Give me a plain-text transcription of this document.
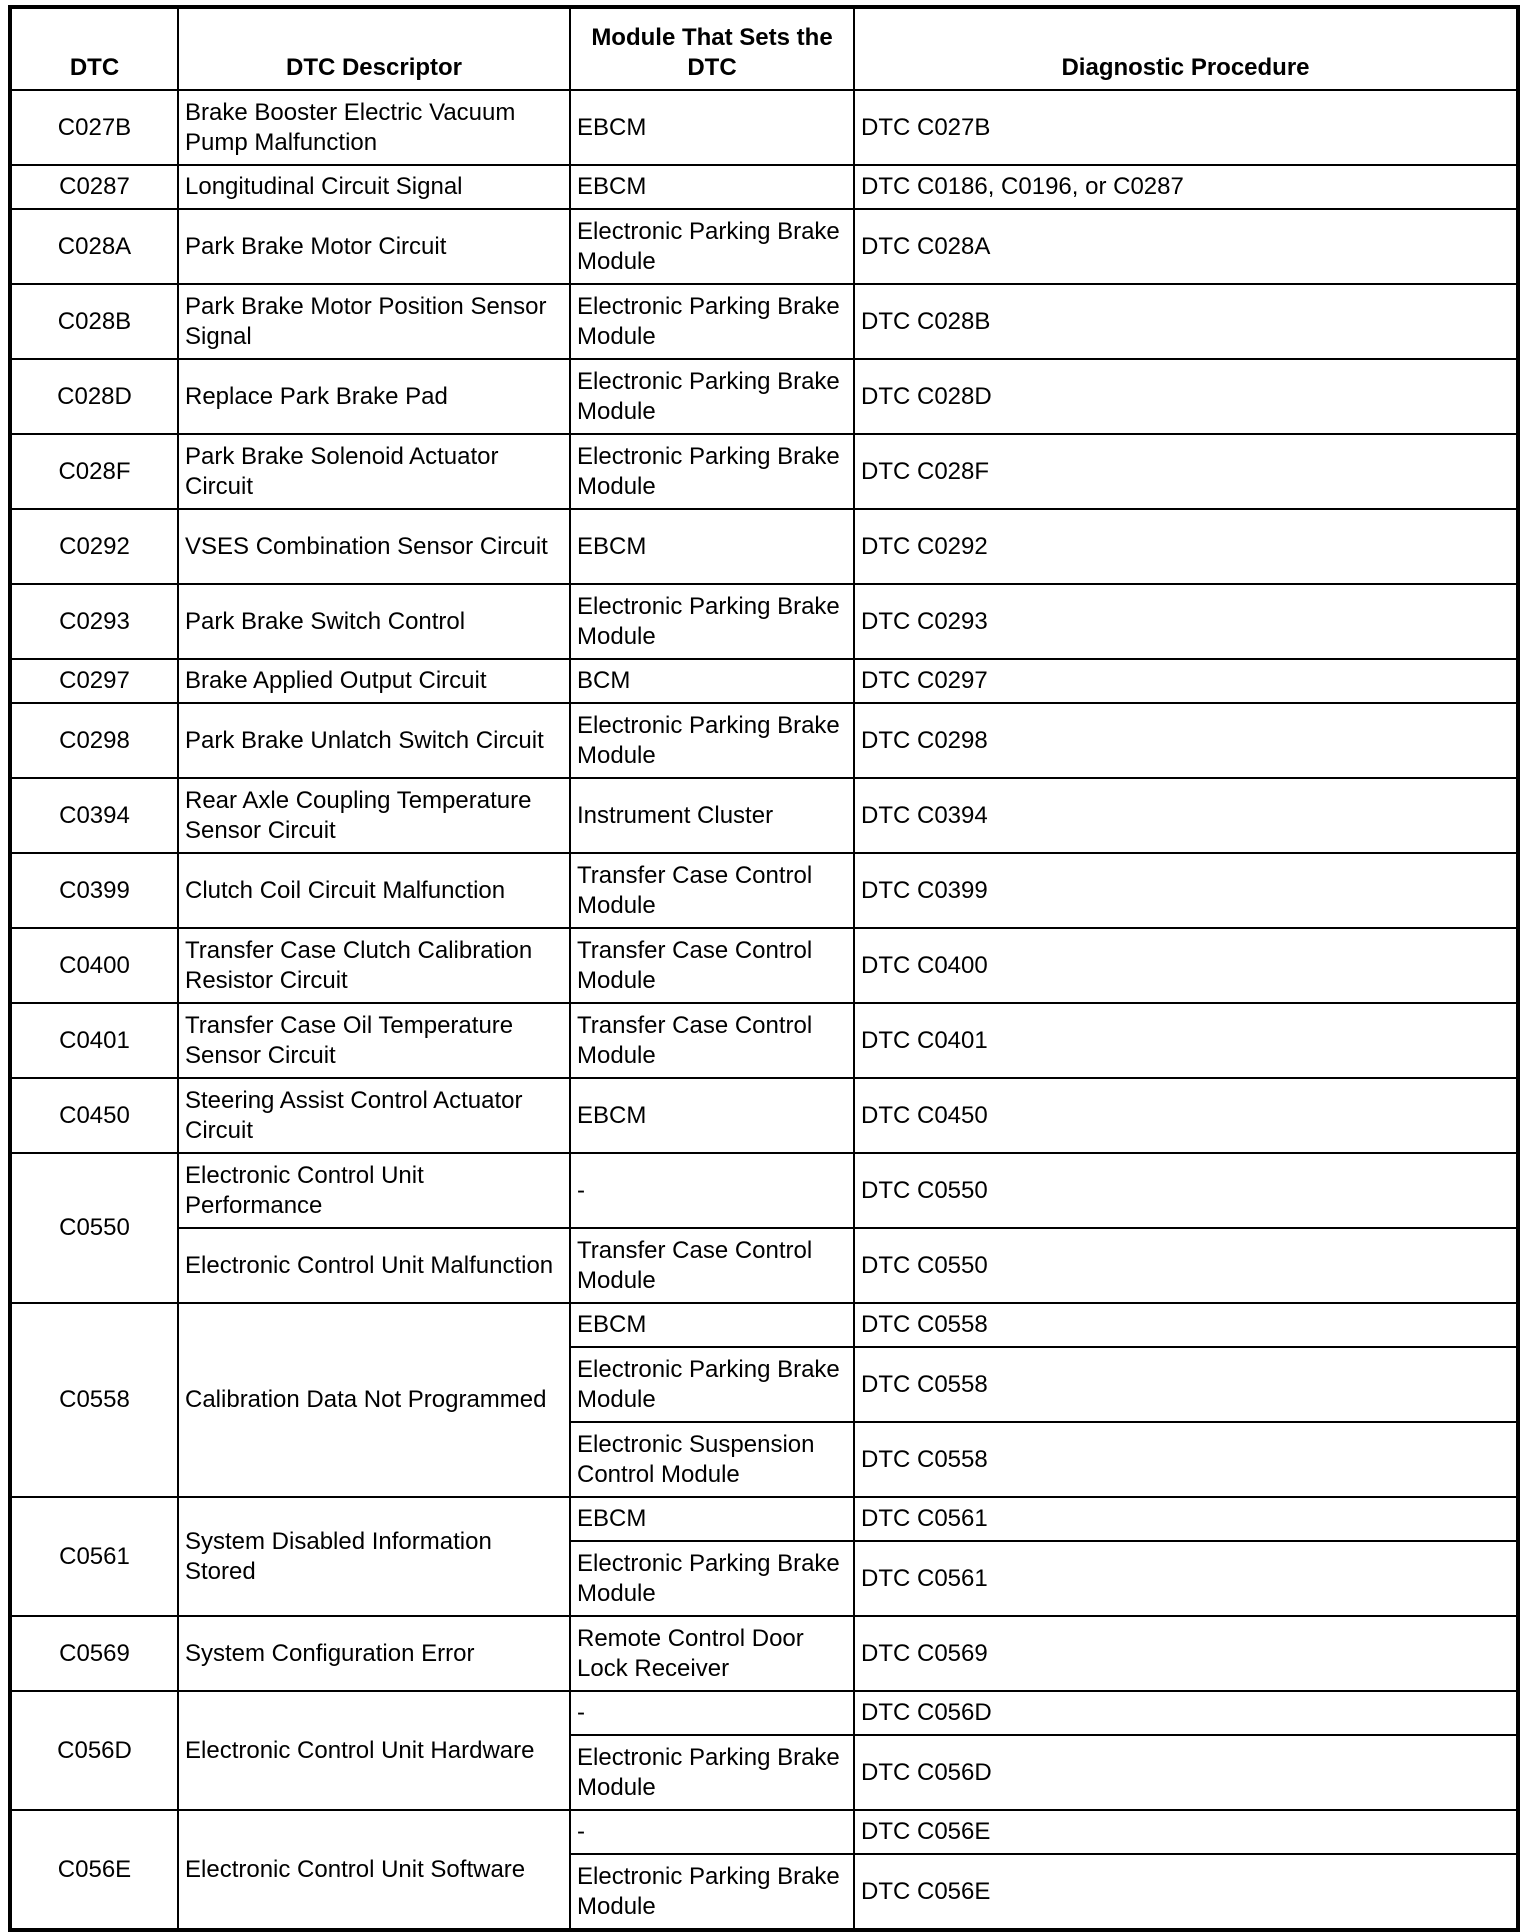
DTC	DTC Descriptor	Module That Sets the DTC	Diagnostic Procedure
C027B	Brake Booster Electric Vacuum Pump Malfunction	EBCM	DTC C027B
C0287	Longitudinal Circuit Signal	EBCM	DTC C0186, C0196, or C0287
C028A	Park Brake Motor Circuit	Electronic Parking Brake Module	DTC C028A
C028B	Park Brake Motor Position Sensor Signal	Electronic Parking Brake Module	DTC C028B
C028D	Replace Park Brake Pad	Electronic Parking Brake Module	DTC C028D
C028F	Park Brake Solenoid Actuator Circuit	Electronic Parking Brake Module	DTC C028F
C0292	VSES Combination Sensor Circuit	EBCM	DTC C0292
C0293	Park Brake Switch Control	Electronic Parking Brake Module	DTC C0293
C0297	Brake Applied Output Circuit	BCM	DTC C0297
C0298	Park Brake Unlatch Switch Circuit	Electronic Parking Brake Module	DTC C0298
C0394	Rear Axle Coupling Temperature Sensor Circuit	Instrument Cluster	DTC C0394
C0399	Clutch Coil Circuit Malfunction	Transfer Case Control Module	DTC C0399
C0400	Transfer Case Clutch Calibration Resistor Circuit	Transfer Case Control Module	DTC C0400
C0401	Transfer Case Oil Temperature Sensor Circuit	Transfer Case Control Module	DTC C0401
C0450	Steering Assist Control Actuator Circuit	EBCM	DTC C0450
C0550	Electronic Control Unit Performance	-	DTC C0550
	Electronic Control Unit Malfunction	Transfer Case Control Module	DTC C0550
C0558	Calibration Data Not Programmed	EBCM	DTC C0558
		Electronic Parking Brake Module	DTC C0558
		Electronic Suspension Control Module	DTC C0558
C0561	System Disabled Information Stored	EBCM	DTC C0561
		Electronic Parking Brake Module	DTC C0561
C0569	System Configuration Error	Remote Control Door Lock Receiver	DTC C0569
C056D	Electronic Control Unit Hardware	-	DTC C056D
		Electronic Parking Brake Module	DTC C056D
C056E	Electronic Control Unit Software	-	DTC C056E
		Electronic Parking Brake Module	DTC C056E
